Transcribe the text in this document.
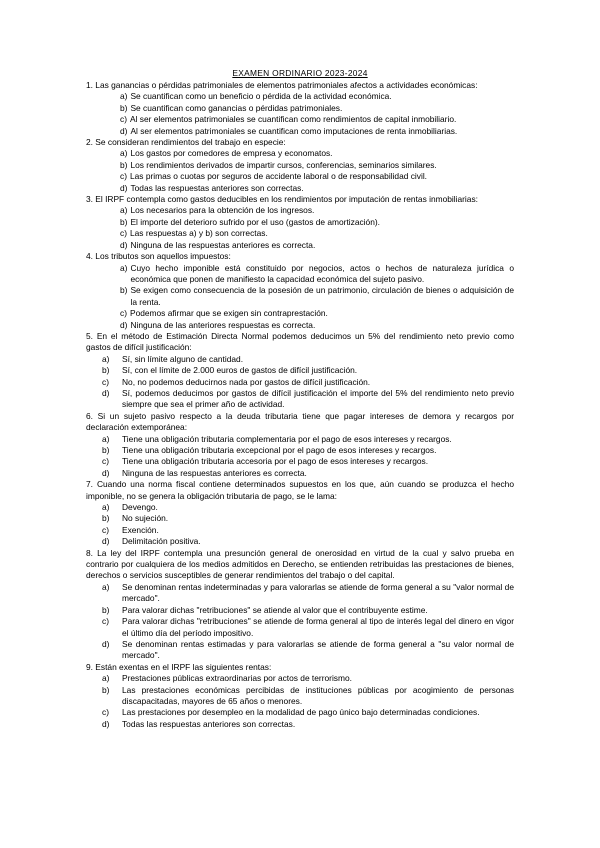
EXAMEN ORDINARIO 2023-2024
1. Las ganancias o pérdidas patrimoniales de elementos patrimoniales afectos a actividades económicas:
a) Se cuantifican como un beneficio o pérdida de la actividad económica.
b) Se cuantifican como ganancias o pérdidas patrimoniales.
c) Al ser elementos patrimoniales se cuantifican como rendimientos de capital inmobiliario.
d) Al ser elementos patrimoniales se cuantifican como imputaciones de renta inmobiliarias.
2. Se consideran rendimientos del trabajo en especie:
a) Los gastos por comedores de empresa y economatos.
b) Los rendimientos derivados de impartir cursos, conferencias, seminarios similares.
c) Las primas o cuotas por seguros de accidente laboral o de responsabilidad civil.
d) Todas las respuestas anteriores son correctas.
3. El IRPF contempla como gastos deducibles en los rendimientos por imputación de rentas inmobiliarias:
a) Los necesarios para la obtención de los ingresos.
b) El importe del deterioro sufrido por el uso (gastos de amortización).
c) Las respuestas a) y b) son correctas.
d) Ninguna de las respuestas anteriores es correcta.
4. Los tributos son aquellos impuestos:
a) Cuyo hecho imponible está constituido por negocios, actos o hechos de naturaleza jurídica o económica que ponen de manifiesto la capacidad económica del sujeto pasivo.
b) Se exigen como consecuencia de la posesión de un patrimonio, circulación de bienes o adquisición de la renta.
c) Podemos afirmar que se exigen sin contraprestación.
d) Ninguna de las anteriores respuestas es correcta.
5. En el método de Estimación Directa Normal podemos deducimos un 5% del rendimiento neto previo como gastos de difícil justificación:
a)	Sí, sin límite alguno de cantidad.
b)	Sí, con el límite de 2.000 euros de gastos de difícil justificación.
c)	No, no podemos deducirnos nada por gastos de difícil justificación.
d)	Sí, podemos deducimos por gastos de difícil justificación el importe del 5% del rendimiento neto previo siempre que sea el primer año de actividad.
6. Si un sujeto pasivo respecto a la deuda tributaria tiene que pagar intereses de demora y recargos por declaración extemporánea:
a)	Tiene una obligación tributaria complementaria por el pago de esos intereses y recargos.
b)	Tiene una obligación tributaria excepcional por el pago de esos intereses y recargos.
c)	Tiene una obligación tributaria accesoria por el pago de esos intereses y recargos.
d)	Ninguna de las respuestas anteriores es correcta.
7. Cuando una norma fiscal contiene determinados supuestos en los que, aún cuando se produzca el hecho imponible, no se genera la obligación tributaria de pago, se le lama:
a)	Devengo.
b)	No sujeción.
c)	Exención.
d)	Delimitación positiva.
8. La ley del IRPF contempla una presunción general de onerosidad en virtud de la cual y salvo prueba en contrario por cualquiera de los medios admitidos en Derecho, se entienden retribuidas las prestaciones de bienes, derechos o servicios susceptibles de generar rendimientos del trabajo o del capital.
a)	Se denominan rentas indeterminadas y para valorarlas se atiende de forma general a su "valor normal de mercado".
b)	Para valorar dichas "retribuciones" se atiende al valor que el contribuyente estime.
c)	Para valorar dichas "retribuciones" se atiende de forma general al tipo de interés legal del dinero en vigor el último día del período impositivo.
d)	Se denominan rentas estimadas y para valorarlas se atiende de forma general a "su valor normal de mercado".
9. Están exentas en el IRPF las siguientes rentas:
a)	Prestaciones públicas extraordinarias por actos de terrorismo.
b)	Las prestaciones económicas percibidas de instituciones públicas por acogimiento de personas discapacitadas, mayores de 65 años o menores.
c)	Las prestaciones por desempleo en la modalidad de pago único bajo determinadas condiciones.
d)	Todas las respuestas anteriores son correctas.
